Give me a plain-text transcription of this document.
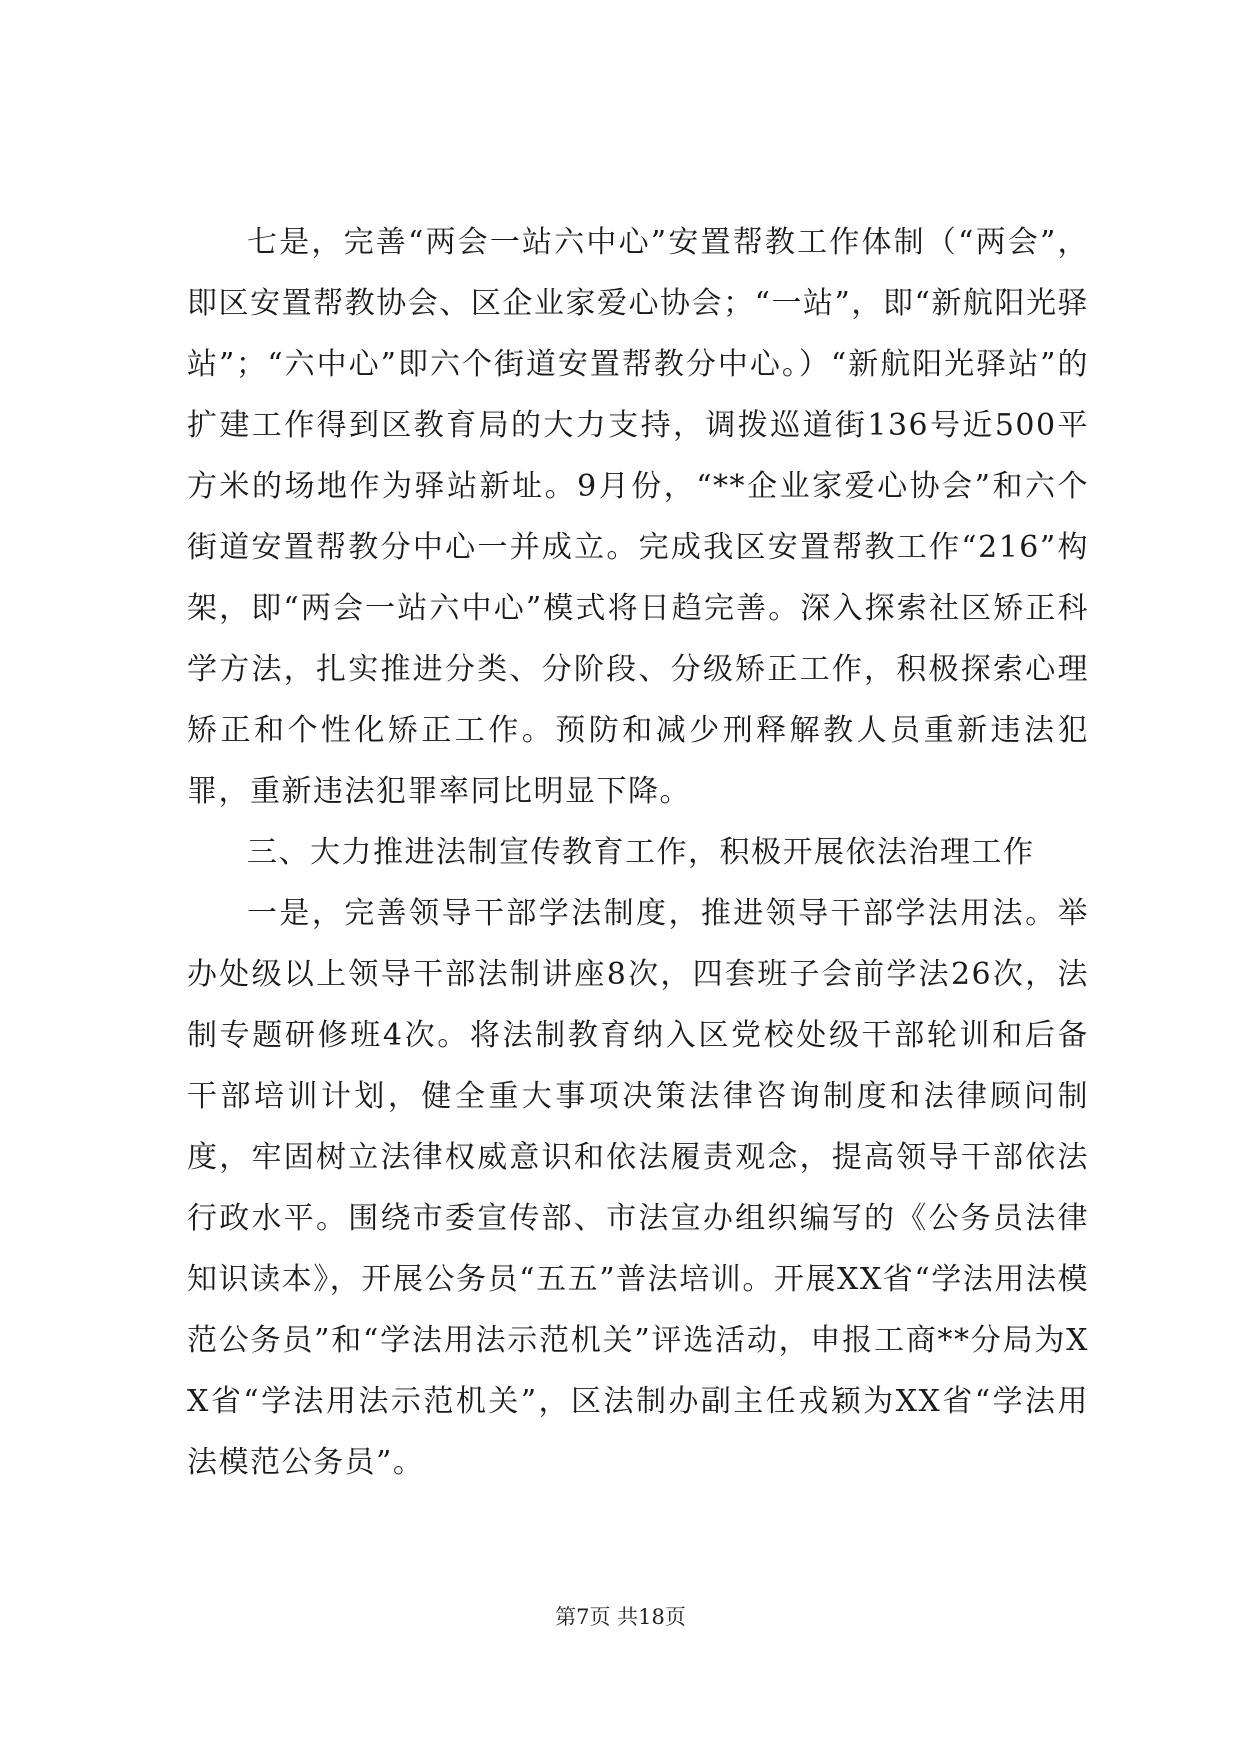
七是，完善“两会一站六中心”安置帮教工作体制（“两会”，即区安置帮教协会、区企业家爱心协会；“一站”，即“新航阳光驿站”；“六中心”即六个街道安置帮教分中心。）“新航阳光驿站”的扩建工作得到区教育局的大力支持，调拨巡道街136号近500平方米的场地作为驿站新址。9月份，“**企业家爱心协会”和六个街道安置帮教分中心一并成立。完成我区安置帮教工作“216”构架，即“两会一站六中心”模式将日趋完善。深入探索社区矫正科学方法，扎实推进分类、分阶段、分级矫正工作，积极探索心理矫正和个性化矫正工作。预防和减少刑释解教人员重新违法犯罪，重新违法犯罪率同比明显下降。

三、大力推进法制宣传教育工作，积极开展依法治理工作

一是，完善领导干部学法制度，推进领导干部学法用法。举办处级以上领导干部法制讲座8次，四套班子会前学法26次，法制专题研修班4次。将法制教育纳入区党校处级干部轮训和后备干部培训计划，健全重大事项决策法律咨询制度和法律顾问制度，牢固树立法律权威意识和依法履责观念，提高领导干部依法行政水平。围绕市委宣传部、市法宣办组织编写的《公务员法律知识读本》，开展公务员“五五”普法培训。开展XX省“学法用法模范公务员”和“学法用法示范机关”评选活动，申报工商**分局为XX省“学法用法示范机关”，区法制办副主任戎颖为XX省“学法用法模范公务员”。

第7页 共18页
